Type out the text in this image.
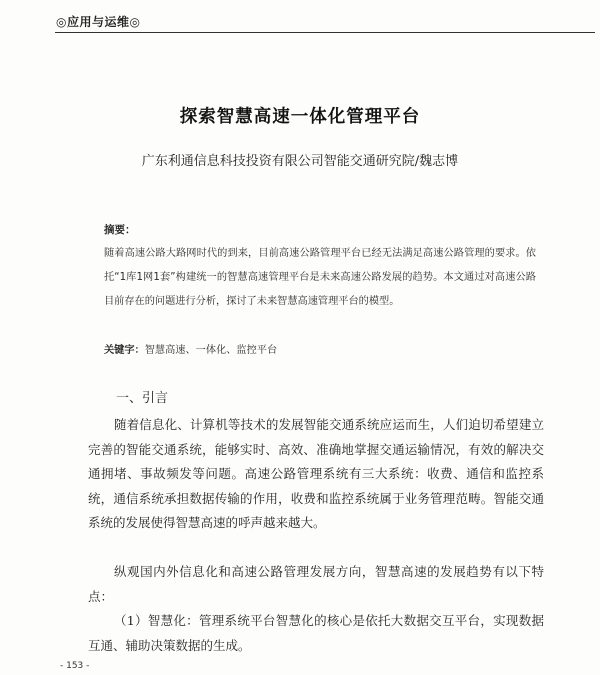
◎应用与运维◎
探索智慧高速一体化管理平台
广东利通信息科技投资有限公司智能交通研究院/魏志博
摘要：
随着高速公路大路网时代的到来，目前高速公路管理平台已经无法满足高速公路管理的要求。依托“1库1网1套”构建统一的智慧高速管理平台是未来高速公路发展的趋势。本文通过对高速公路目前存在的问题进行分析，探讨了未来智慧高速管理平台的模型。
关键字：智慧高速、一体化、监控平台
一、引言

随着信息化、计算机等技术的发展智能交通系统应运而生，人们迫切希望建立完善的智能交通系统，能够实时、高效、准确地掌握交通运输情况，有效的解决交通拥堵、事故频发等问题。高速公路管理系统有三大系统：收费、通信和监控系统，通信系统承担数据传输的作用，收费和监控系统属于业务管理范畴。智能交通系统的发展使得智慧高速的呼声越来越大。

纵观国内外信息化和高速公路管理发展方向，智慧高速的发展趋势有以下特点：

（1）智慧化：管理系统平台智慧化的核心是依托大数据交互平台，实现数据互通、辅助决策数据的生成。

- 153 -
